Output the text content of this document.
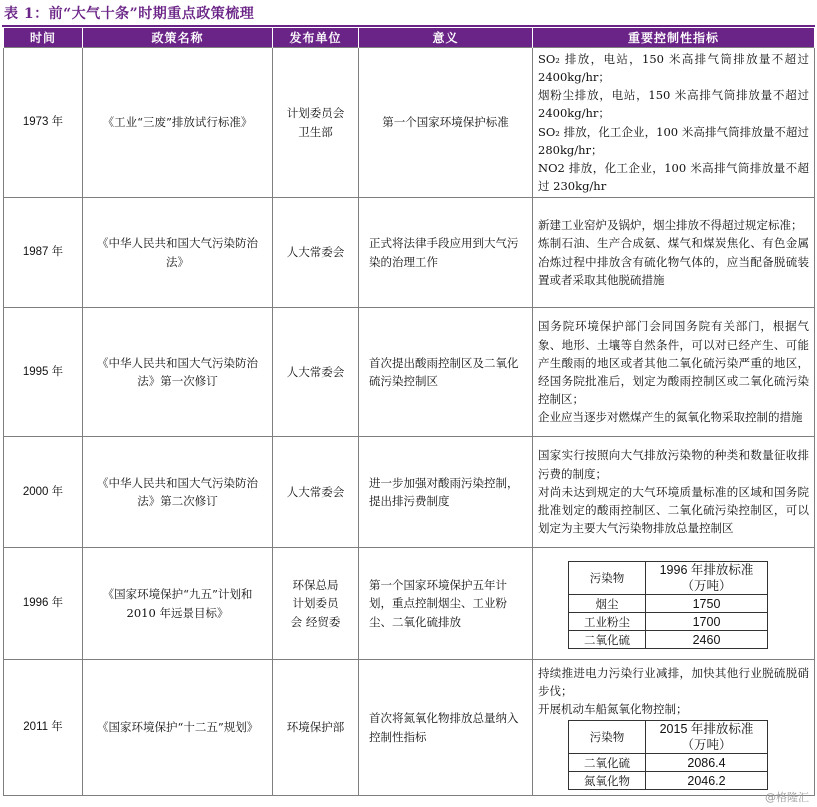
表 1：前“大气十条”时期重点政策梳理
时间	政策名称	发布单位	意义	重要控制性指标
1973 年	《工业“三废”排放试行标准》	计划委员会 卫生部	第一个国家环境保护标准	
SO₂ 排放，电站，150 米高排气筒排放量不超过 2400kg/hr；
烟粉尘排放，电站，150 米高排气筒排放量不超过 2400kg/hr；
SO₂ 排放，化工企业，100 米高排气筒排放量不超过 280kg/hr；
NO2 排放，化工企业，100 米高排气筒排放量不超过 230kg/hr

1987 年	《中华人民共和国大气污染防治法》	人大常委会	正式将法律手段应用到大气污染的治理工作	
新建工业窑炉及锅炉，烟尘排放不得超过规定标准；
炼制石油、生产合成氨、煤气和煤炭焦化、有色金属冶炼过程中排放含有硫化物气体的，应当配备脱硫装置或者采取其他脱硫措施

1995 年	《中华人民共和国大气污染防治法》第一次修订	人大常委会	首次提出酸雨控制区及二氧化硫污染控制区	
国务院环境保护部门会同国务院有关部门，根据气象、地形、土壤等自然条件，可以对已经产生、可能产生酸雨的地区或者其他二氧化硫污染严重的地区，经国务院批准后，划定为酸雨控制区或二氧化硫污染控制区；
企业应当逐步对燃煤产生的氮氧化物采取控制的措施

2000 年	《中华人民共和国大气污染防治法》第二次修订	人大常委会	进一步加强对酸雨污染控制，提出排污费制度	
国家实行按照向大气排放污染物的种类和数量征收排污费的制度；
对尚未达到规定的大气环境质量标准的区域和国务院批准划定的酸雨控制区、二氧化硫污染控制区，可以划定为主要大气污染物排放总量控制区

1996 年	《国家环境保护“九五”计划和 2010 年远景目标》	环保总局 计划委员会 经贸委	第一个国家环境保护五年计划，重点控制烟尘、工业粉尘、二氧化硫排放	
污染物	1996 年排放标准（万吨）
烟尘	1750
工业粉尘	1700
二氧化硫	2460

2011 年	《国家环境保护“十二五”规划》	环境保护部	首次将氮氧化物排放总量纳入控制性指标	
持续推进电力污染行业减排，加快其他行业脱硫脱硝步伐；
开展机动车船氮氧化物控制；
污染物	2015 年排放标准（万吨）
二氧化硫	2086.4
氮氧化物	2046.2
@格隆汇
